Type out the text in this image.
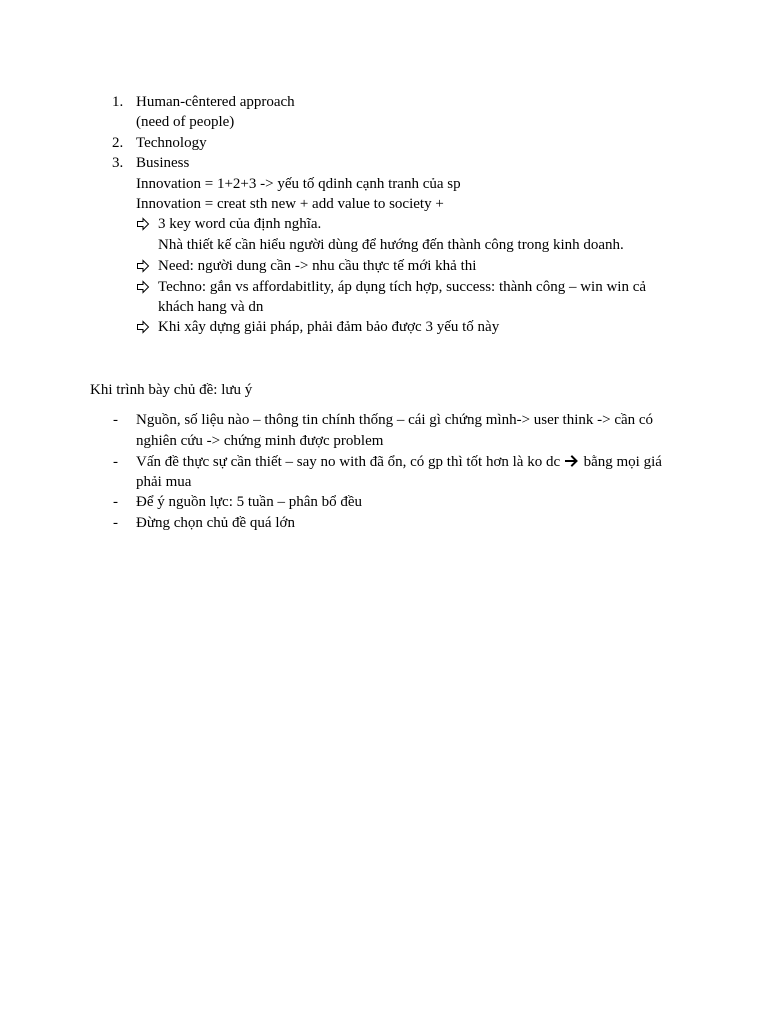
1. Human-cêntered approach
(need of people)
2. Technology
3. Business
Innovation = 1+2+3 -> yếu tố qdinh cạnh tranh của sp
Innovation = creat sth new + add value to society +
3 key word của định nghĩa.
Nhà thiết kế cần hiểu người dùng để hướng đến thành công trong kinh doanh.
Need: người dung cần -> nhu cầu thực tế mới khả thi
Techno: gắn vs affordabitlity, áp dụng tích hợp, success: thành công – win win cả
khách hang và dn
Khi xây dựng giải pháp, phải đảm bảo được 3 yếu tố này
Khi trình bày chủ đề: lưu ý
- Nguồn, số liệu nào – thông tin chính thống – cái gì chứng mình-> user think -> cần có
nghiên cứu -> chứng minh được problem
- Vấn đề thực sự cần thiết – say no with đã ổn, có gp thì tốt hơn là ko dc  bằng mọi giá
phải mua
- Để ý nguồn lực: 5 tuần – phân bổ đều
- Đừng chọn chủ đề quá lớn
